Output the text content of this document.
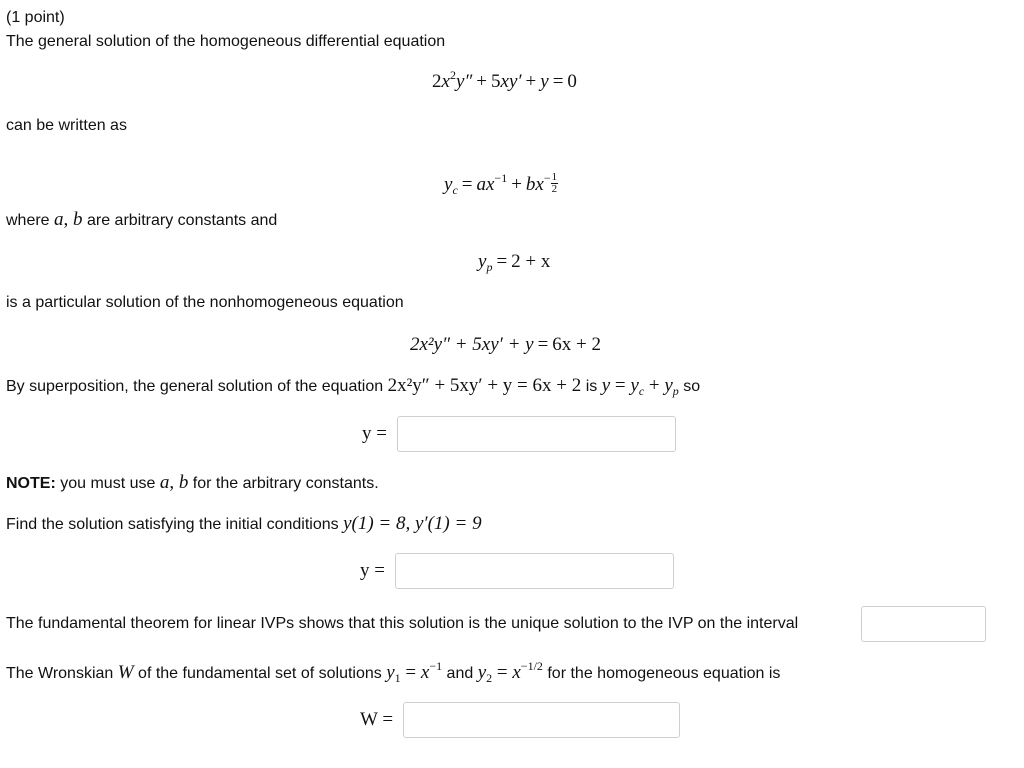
(1 point)
The general solution of the homogeneous differential equation
$2x^2y'' + 5xy' + y = 0$
can be written as
$y_c = ax^{-1} + bx^- \frac{1}{2}$
where a, b are arbitrary constants and
$y_p = 2 + x$
is a particular solution of the nonhomogeneous equation
2x²y″ + 5xy′ + y = 6x + 2
By superposition, the general solution of the equation 2x²y″ + 5xy′ + y = 6x + 2 is $y = y_c + y_p$ so
y =
NOTE: you must use a, b for the arbitrary constants.
Find the solution satisfying the initial conditions y(1) = 8, y′(1) = 9
y =
The fundamental theorem for linear IVPs shows that this solution is the unique solution to the IVP on the interval
The Wronskian W of the fundamental set of solutions $y_1 = x^{-1}$ and $y_2 = x^{-1/2}$ for the homogeneous equation is
W =
